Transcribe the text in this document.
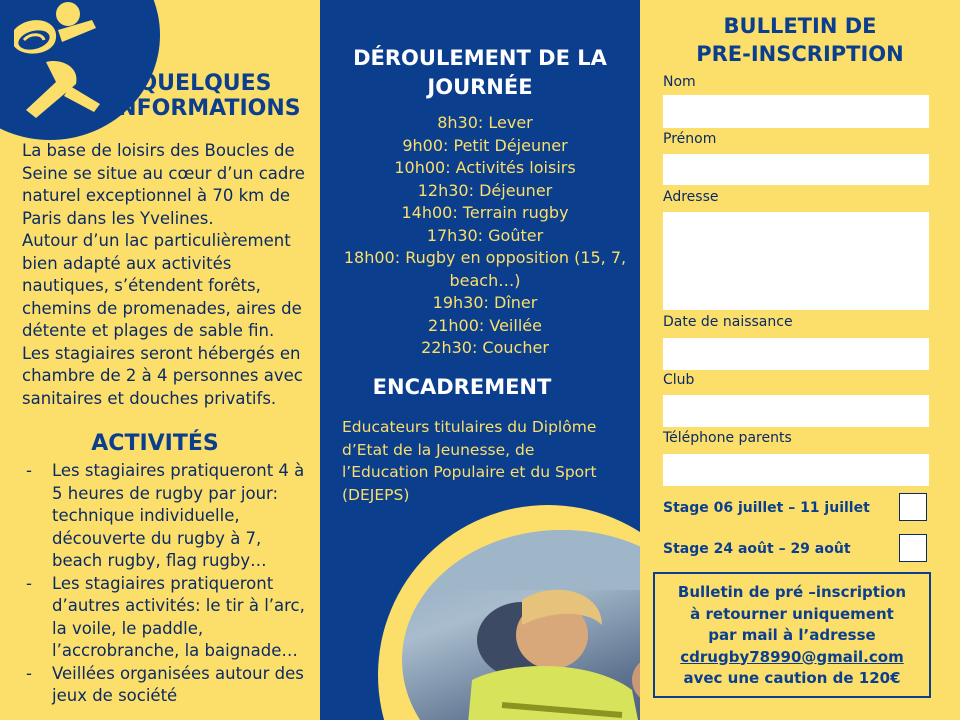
QUELQUES
INFORMATIONS

La base de loisirs des Boucles de Seine se situe au cœur d’un cadre naturel exceptionnel à 70 km de Paris dans les Yvelines.

Autour d’un lac particulièrement bien adapté aux activités nautiques, s’étendent forêts, chemins de promenades, aires de détente et plages de sable fin.

Les stagiaires seront hébergés en chambre de 2 à 4 personnes avec sanitaires et douches privatifs.

ACTIVITÉS
- Les stagiaires pratiqueront 4 à 5 heures de rugby par jour: technique individuelle, découverte du rugby à 7, beach rugby, flag rugby…
- Les stagiaires pratiqueront d’autres activités: le tir à l’arc, la voile, le paddle, l’accrobranche, la baignade…
- Veillées organisées autour des jeux de société
DÉROULEMENT DE LA
JOURNÉE
8h30: Lever
9h00: Petit Déjeuner
10h00: Activités loisirs
12h30: Déjeuner
14h00: Terrain rugby
17h30: Goûter
18h00: Rugby en opposition (15, 7, beach…)
19h30: Dîner
21h00: Veillée
22h30: Coucher
ENCADREMENT
Educateurs titulaires du Diplôme d’Etat de la Jeunesse, de l’Education Populaire et du Sport (DEJEPS)
BULLETIN DE
PRE-INSCRIPTION
Nom
Prénom
Adresse
Date de naissance
Club
Téléphone parents
Stage 06 juillet – 11 juillet
Stage 24 août – 29 août
Bulletin de pré –inscription
à retourner uniquement
par mail à l’adresse
cdrugby78990@gmail.com
avec une caution de 120€
